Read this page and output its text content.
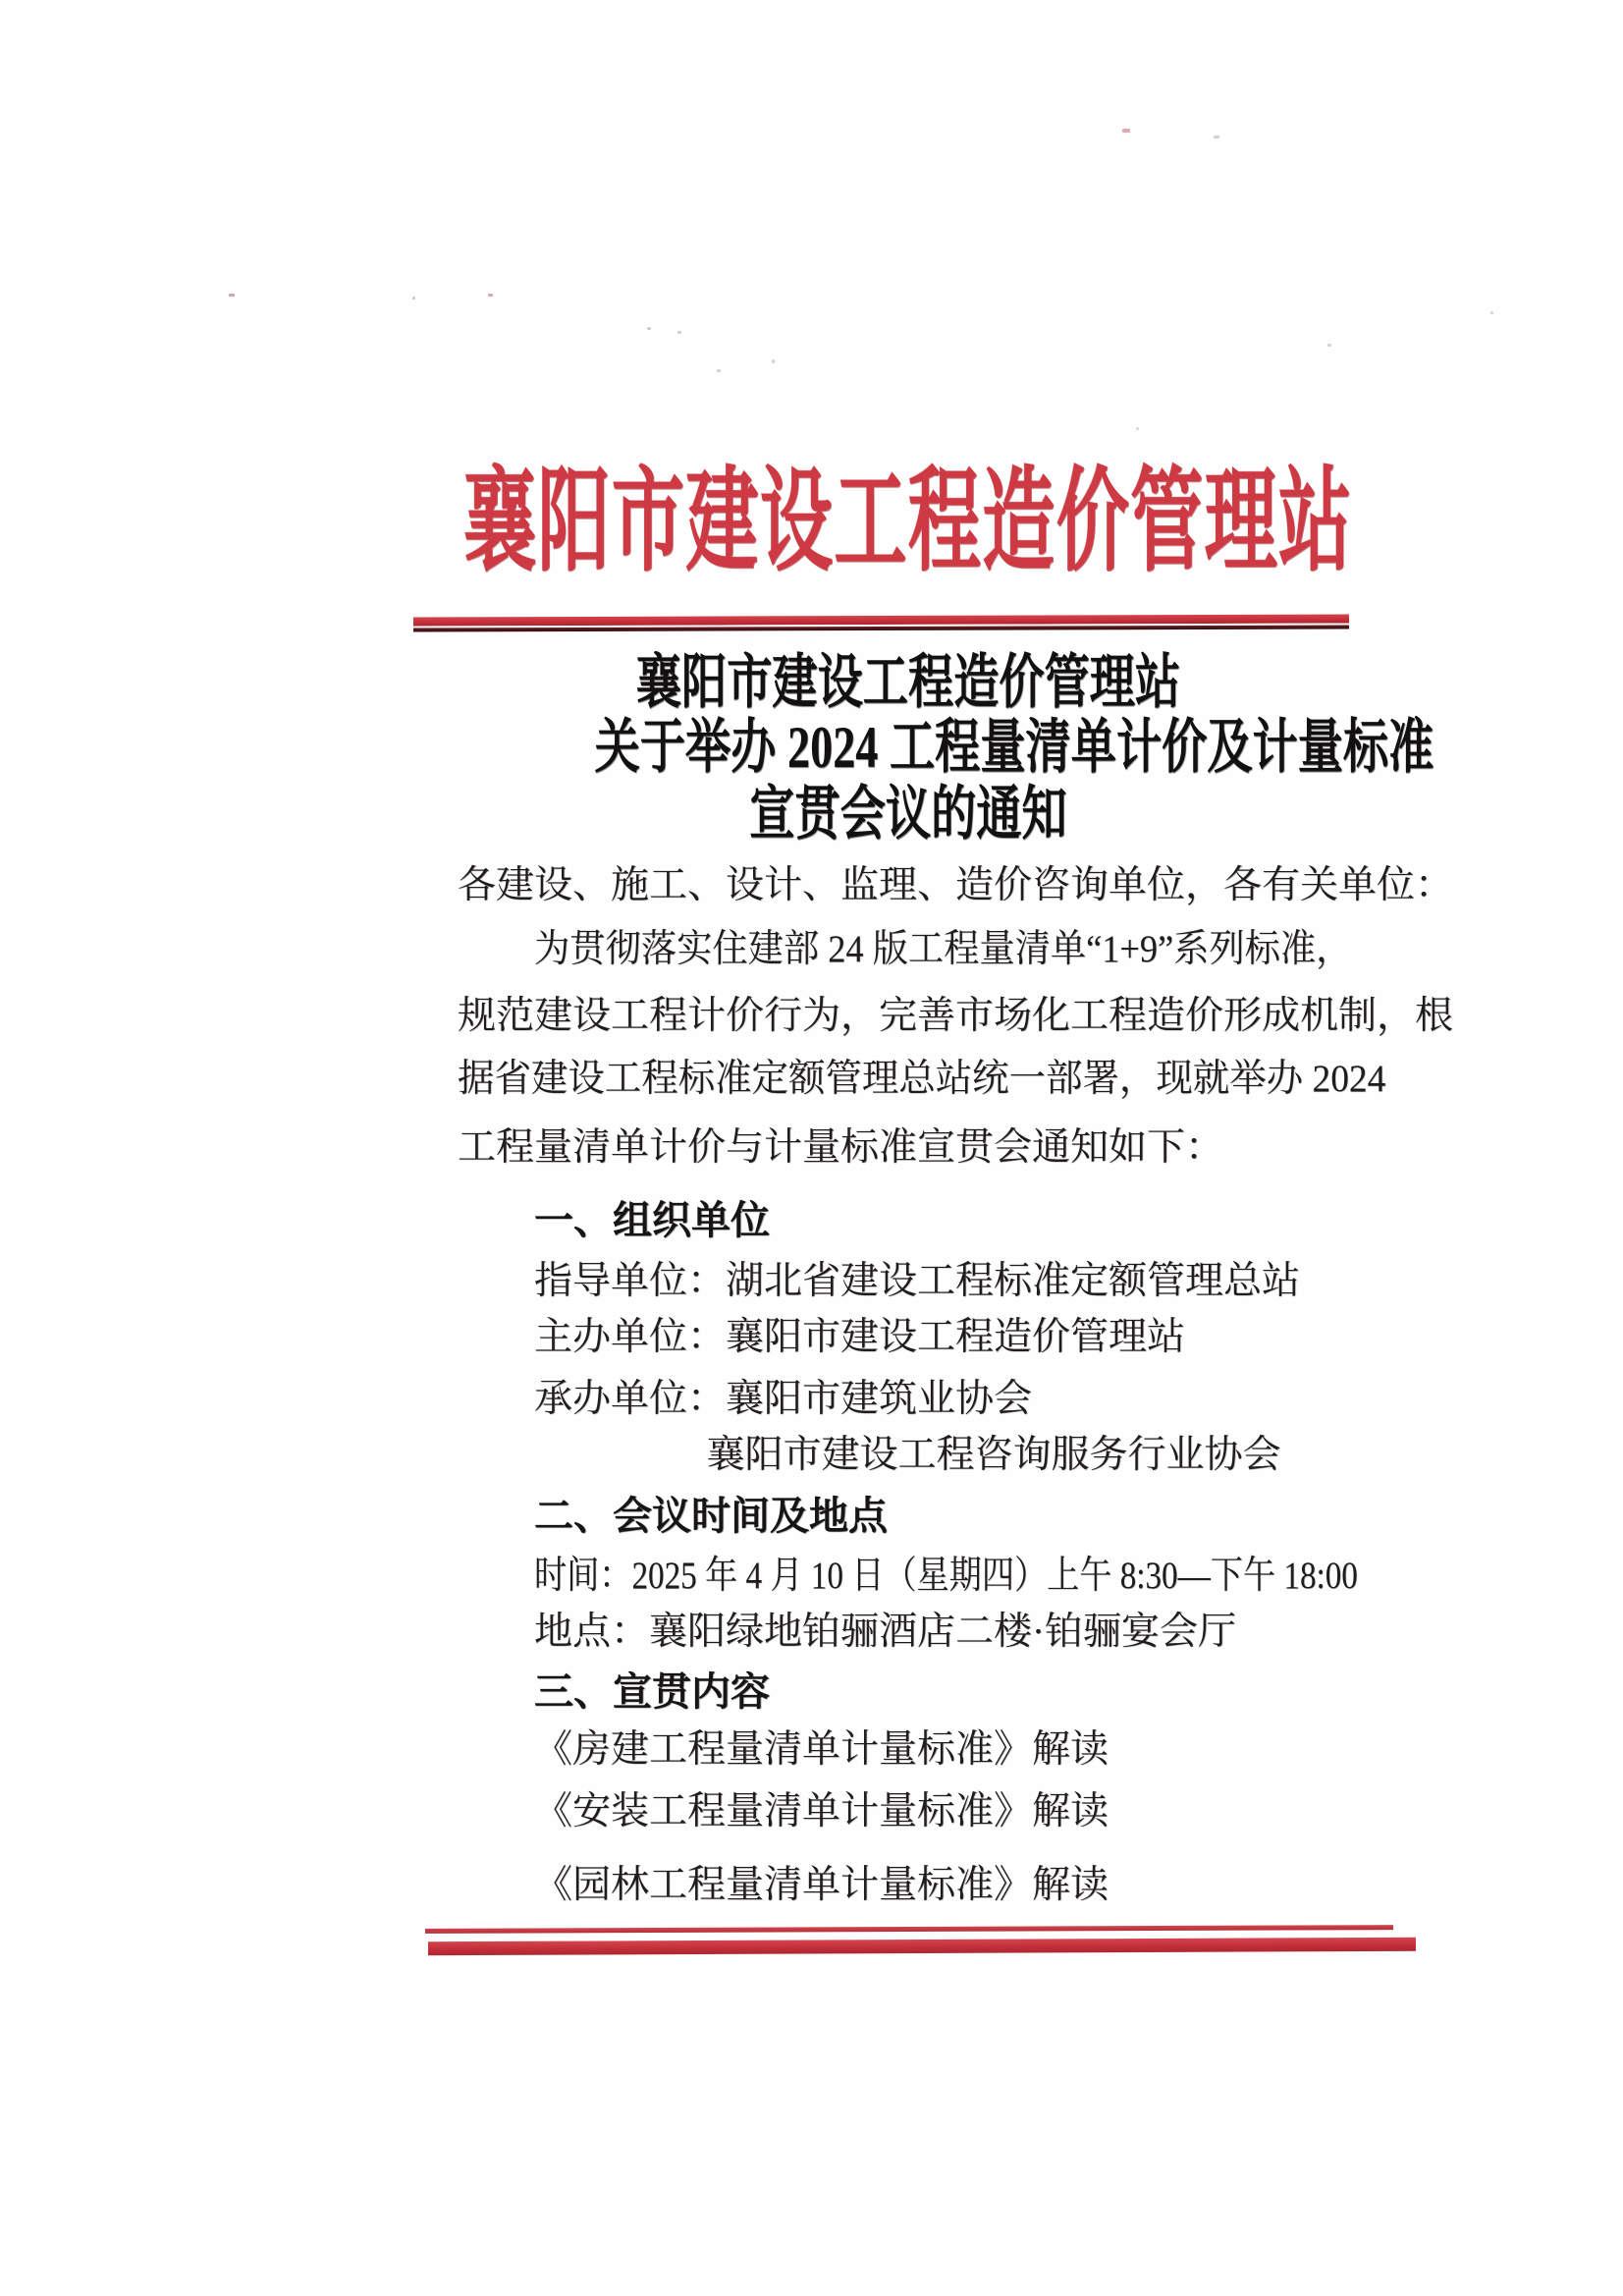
襄阳市建设工程造价管理站
襄阳市建设工程造价管理站
关于举办 2024 工程量清单计价及计量标准
宣贯会议的通知
各建设、施工、设计、监理、造价咨询单位，各有关单位：
为贯彻落实住建部 24 版工程量清单“1+9”系列标准，
规范建设工程计价行为，完善市场化工程造价形成机制，根
据省建设工程标准定额管理总站统一部署，现就举办 2024
工程量清单计价与计量标准宣贯会通知如下：
一、组织单位
指导单位：湖北省建设工程标准定额管理总站
主办单位：襄阳市建设工程造价管理站
承办单位：襄阳市建筑业协会
襄阳市建设工程咨询服务行业协会
二、会议时间及地点
时间：2025 年 4 月 10 日（星期四）上午 8:30—下午 18:00
地点：襄阳绿地铂骊酒店二楼·铂骊宴会厅
三、宣贯内容
《房建工程量清单计量标准》解读
《安装工程量清单计量标准》解读
《园林工程量清单计量标准》解读
